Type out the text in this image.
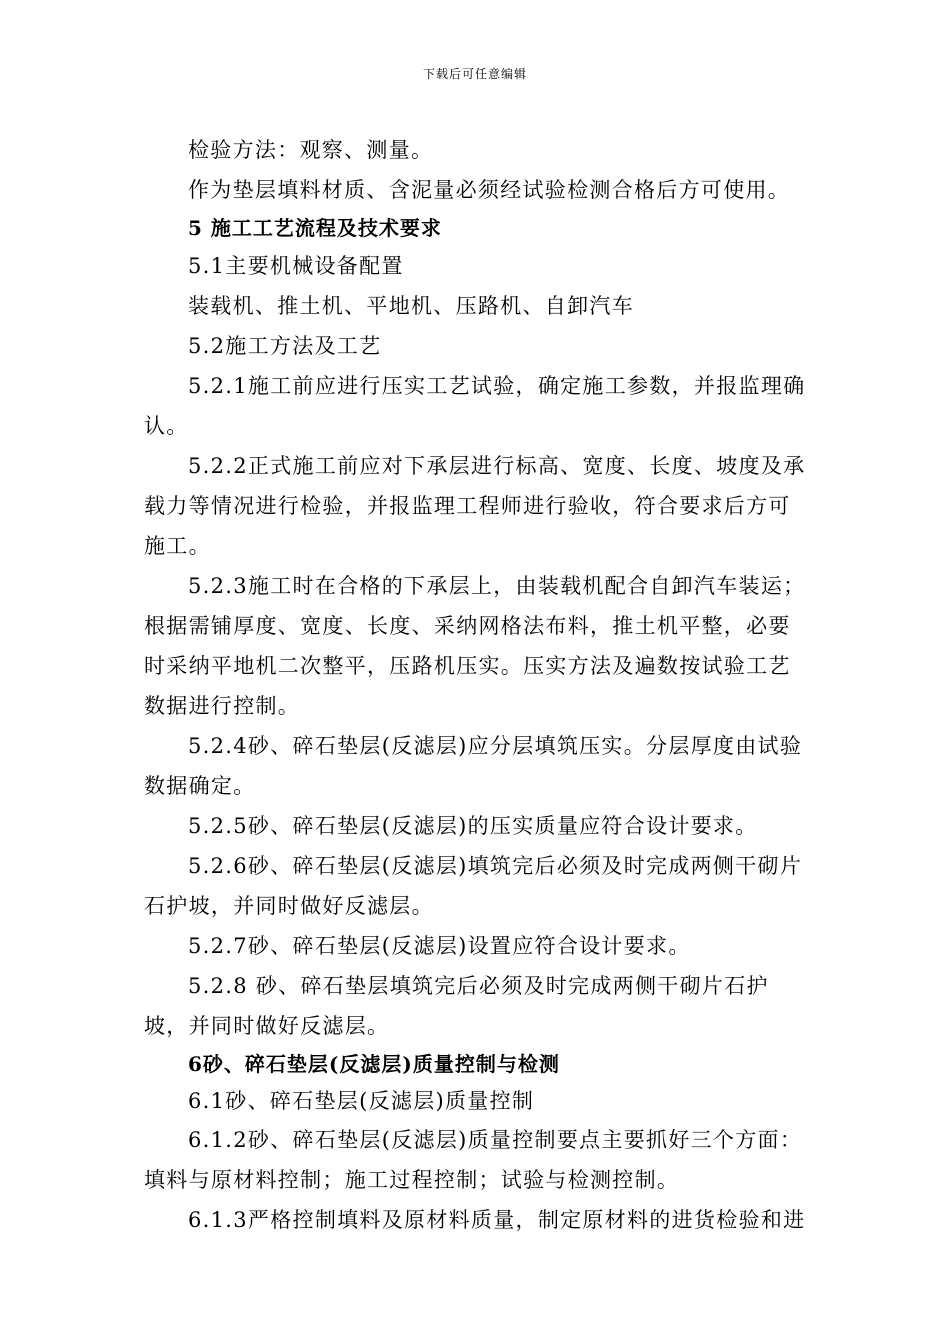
下载后可任意编辑

检验方法：观察、测量。

作为垫层填料材质、含泥量必须经试验检测合格后方可使用。

5 施工工艺流程及技术要求

5.1主要机械设备配置

装载机、推土机、平地机、压路机、自卸汽车

5.2施工方法及工艺

5.2.1施工前应进行压实工艺试验，确定施工参数，并报监理确
认。

5.2.2正式施工前应对下承层进行标高、宽度、长度、坡度及承
载力等情况进行检验，并报监理工程师进行验收，符合要求后方可
施工。

5.2.3施工时在合格的下承层上，由装载机配合自卸汽车装运；
根据需铺厚度、宽度、长度、采纳网格法布料，推土机平整，必要
时采纳平地机二次整平，压路机压实。压实方法及遍数按试验工艺
数据进行控制。

5.2.4砂、碎石垫层(反滤层)应分层填筑压实。分层厚度由试验
数据确定。

5.2.5砂、碎石垫层(反滤层)的压实质量应符合设计要求。

5.2.6砂、碎石垫层(反滤层)填筑完后必须及时完成两侧干砌片
石护坡，并同时做好反滤层。

5.2.7砂、碎石垫层(反滤层)设置应符合设计要求。

5.2.8 砂、碎石垫层填筑完后必须及时完成两侧干砌片石护
坡，并同时做好反滤层。

6砂、碎石垫层(反滤层)质量控制与检测

6.1砂、碎石垫层(反滤层)质量控制

6.1.2砂、碎石垫层(反滤层)质量控制要点主要抓好三个方面：
填料与原材料控制；施工过程控制；试验与检测控制。

6.1.3严格控制填料及原材料质量，制定原材料的进货检验和进
